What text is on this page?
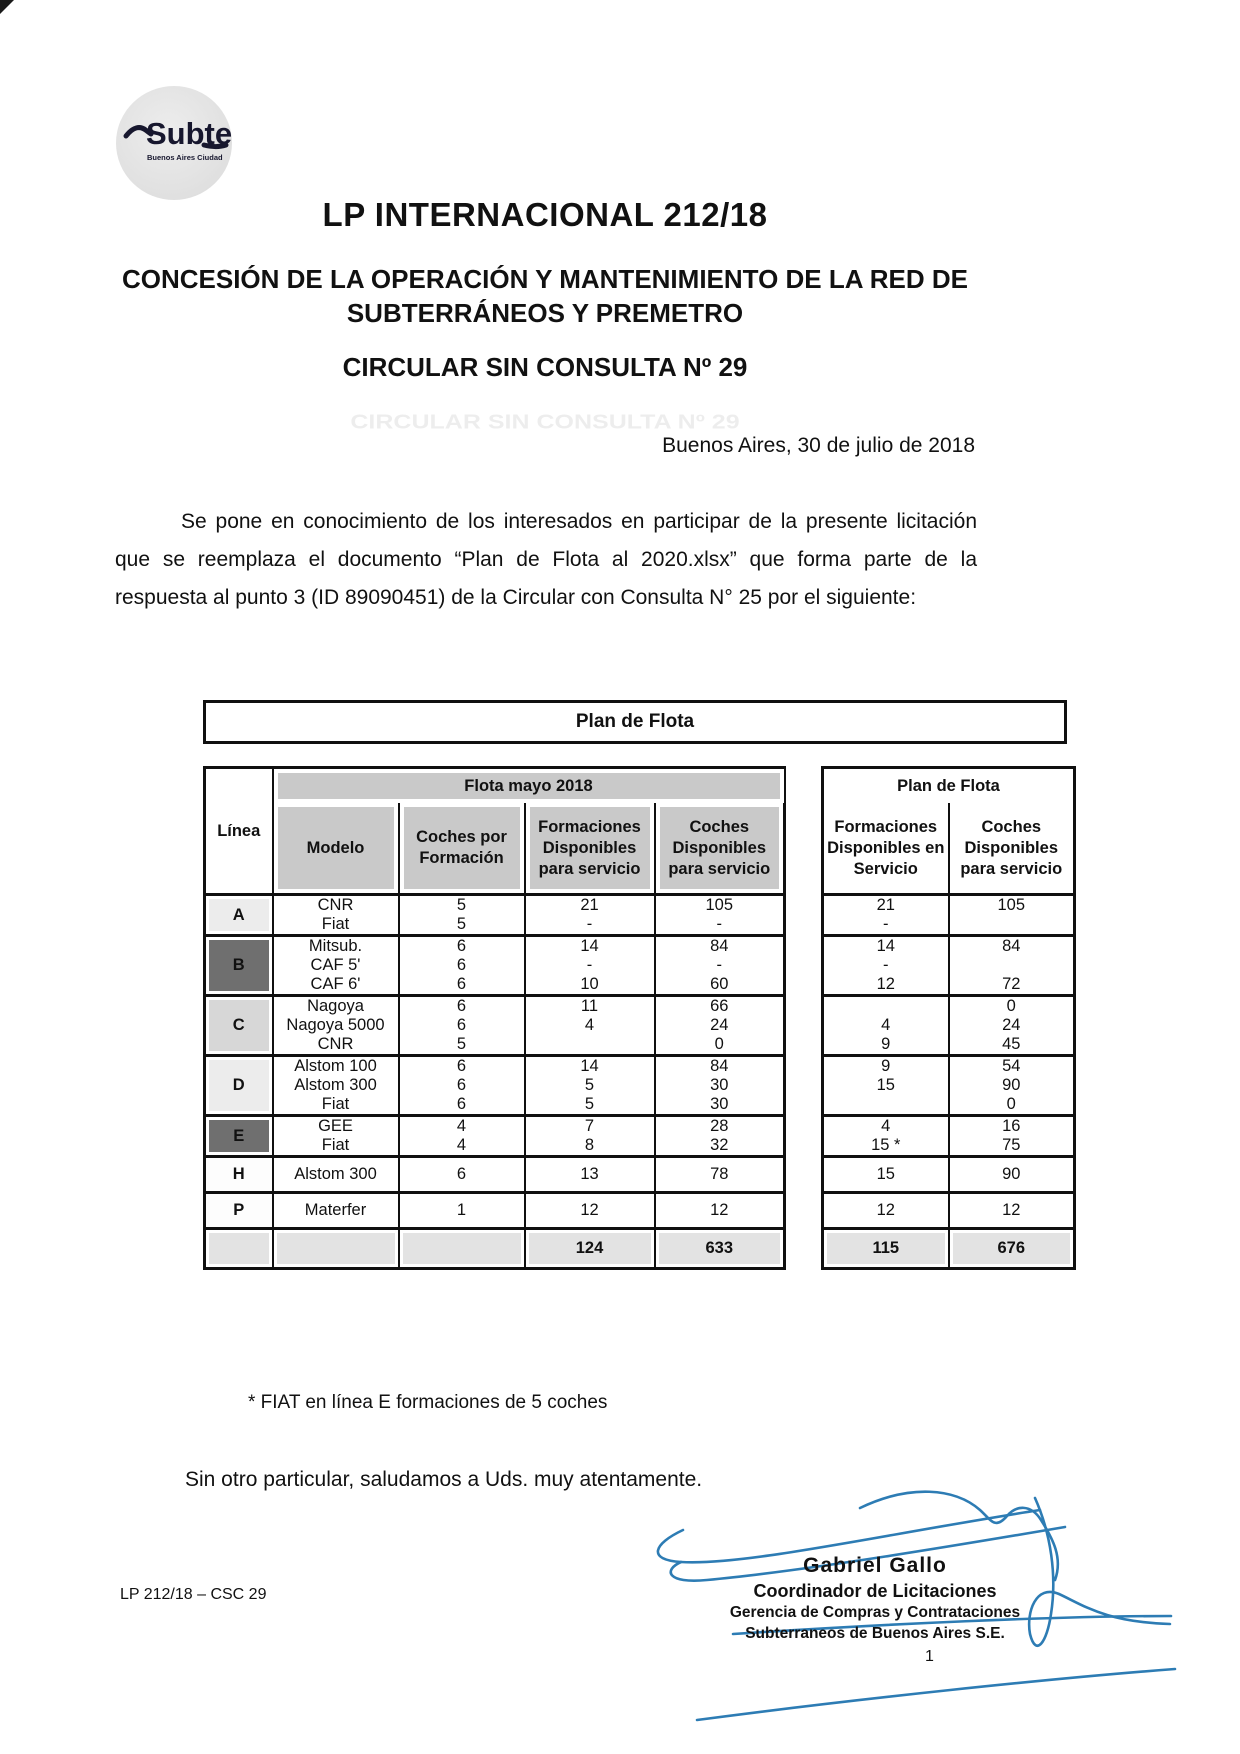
Subte
Buenos Aires Ciudad
LP INTERNACIONAL 212/18
CONCESIÓN DE LA OPERACIÓN Y MANTENIMIENTO DE LA RED DE
SUBTERRÁNEOS Y PREMETRO
CIRCULAR SIN CONSULTA Nº 29
CIRCULAR SIN CONSULTA Nº 29
Buenos Aires, 30 de julio de 2018

Se pone en conocimiento de los interesados en participar de la presente licitación que se reemplaza el documento “Plan de Flota al 2020.xlsx” que forma parte de la respuesta al punto 3 (ID 89090451) de la Circular con Consulta N° 25 por el siguiente:

Plan de Flota
Línea	Flota mayo 2018					Plan de Flota	
	Modelo	Coches por Formación	Formaciones Disponibles para servicio	Coches Disponibles para servicio		Formaciones Disponibles en Servicio	Coches Disponibles para servicio
A	CNR	5	21	105		21	105
	Fiat	5	-	-		-	
B	Mitsub.	6	14	84		14	84
	CAF 5'	6	-	-		-	
	CAF 6'	6	10	60		12	72
C	Nagoya	6	11	66			0
	Nagoya 5000	6	4	24		4	24
	CNR	5		0		9	45
D	Alstom 100	6	14	84		9	54
	Alstom 300	6	5	30		15	90
	Fiat	6	5	30			0
E	GEE	4	7	28		4	16
	Fiat	4	8	32		15 *	75
H	Alstom 300	6	13	78		15	90
P	Materfer	1	12	12		12	12
			124	633		115	676
* FIAT en línea E formaciones de 5 coches
Sin otro particular, saludamos a Uds. muy atentamente.
Gabriel Gallo
Coordinador de Licitaciones
Gerencia de Compras y Contrataciones
Subterraneos de Buenos Aires S.E.
1
LP 212/18 – CSC 29
